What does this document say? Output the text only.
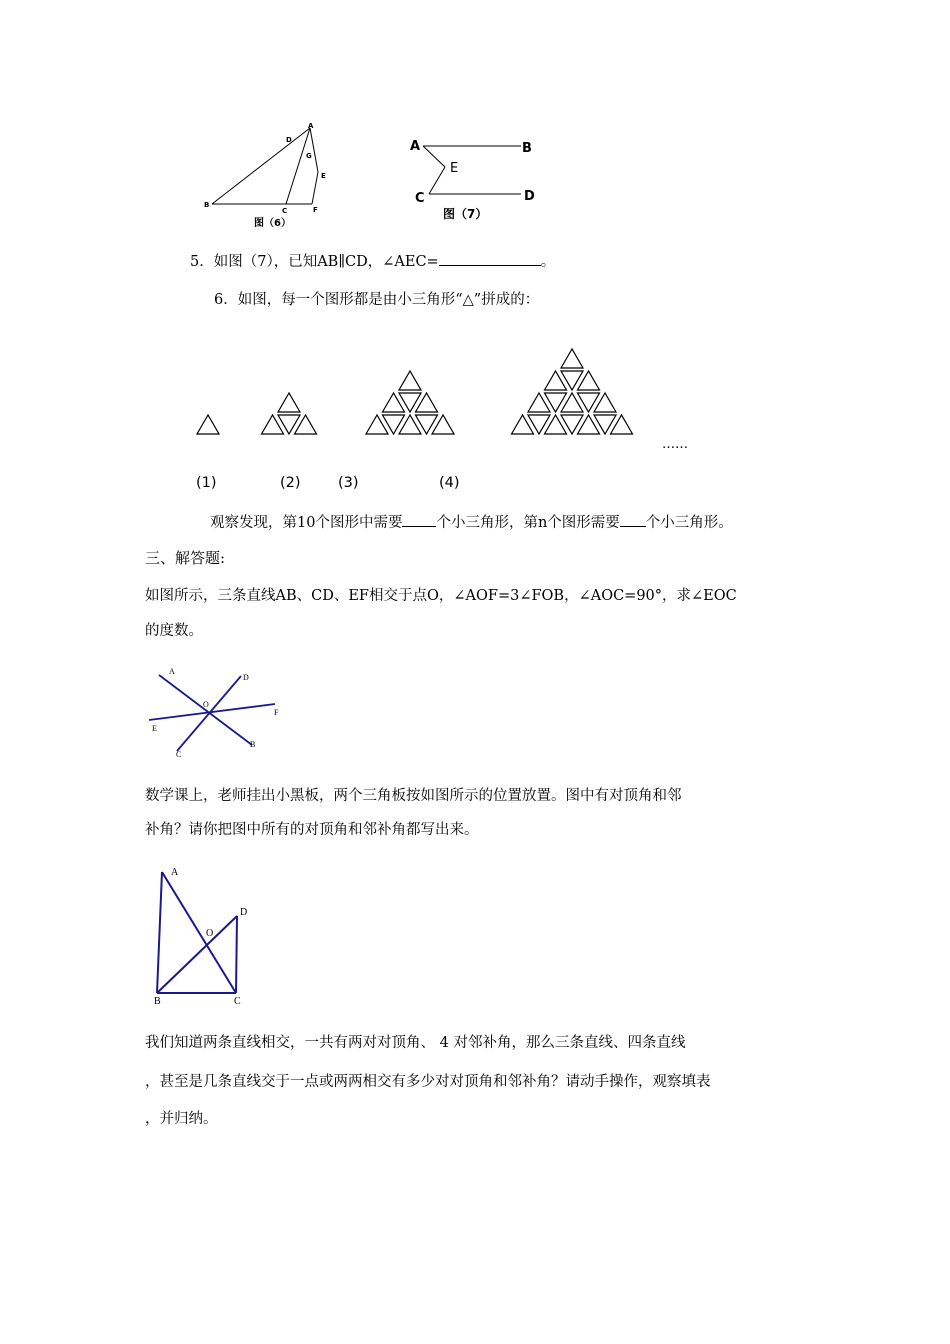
A
D
G
E
B
C	F
图（6）
A	B
E
C	D
图（7）
5．如图（7），已知AB∥CD，∠AEC=	。
6．如图，每一个图形都是由小三角形“△”拼成的：
……
(1)	(2)	(3)	(4)
观察发现，第10个图形中需要 个小三角形，第n个图形需要 个小三角形。
三、解答题:
如图所示，三条直线AB、CD、EF相交于点O，∠AOF=3∠FOB，∠AOC=90°，求∠EOC
的度数。
A
D
O
F
E
B
C
数学课上，老师挂出小黑板，两个三角板按如图所示的位置放置。图中有对顶角和邻
补角？请你把图中所有的对顶角和邻补角都写出来。
A
D
O
B	C
我们知道两条直线相交，一共有两对对顶角、 4 对邻补角，那么三条直线、四条直线
，甚至是几条直线交于一点或两两相交有多少对对顶角和邻补角？请动手操作，观察填表
，并归纳。
